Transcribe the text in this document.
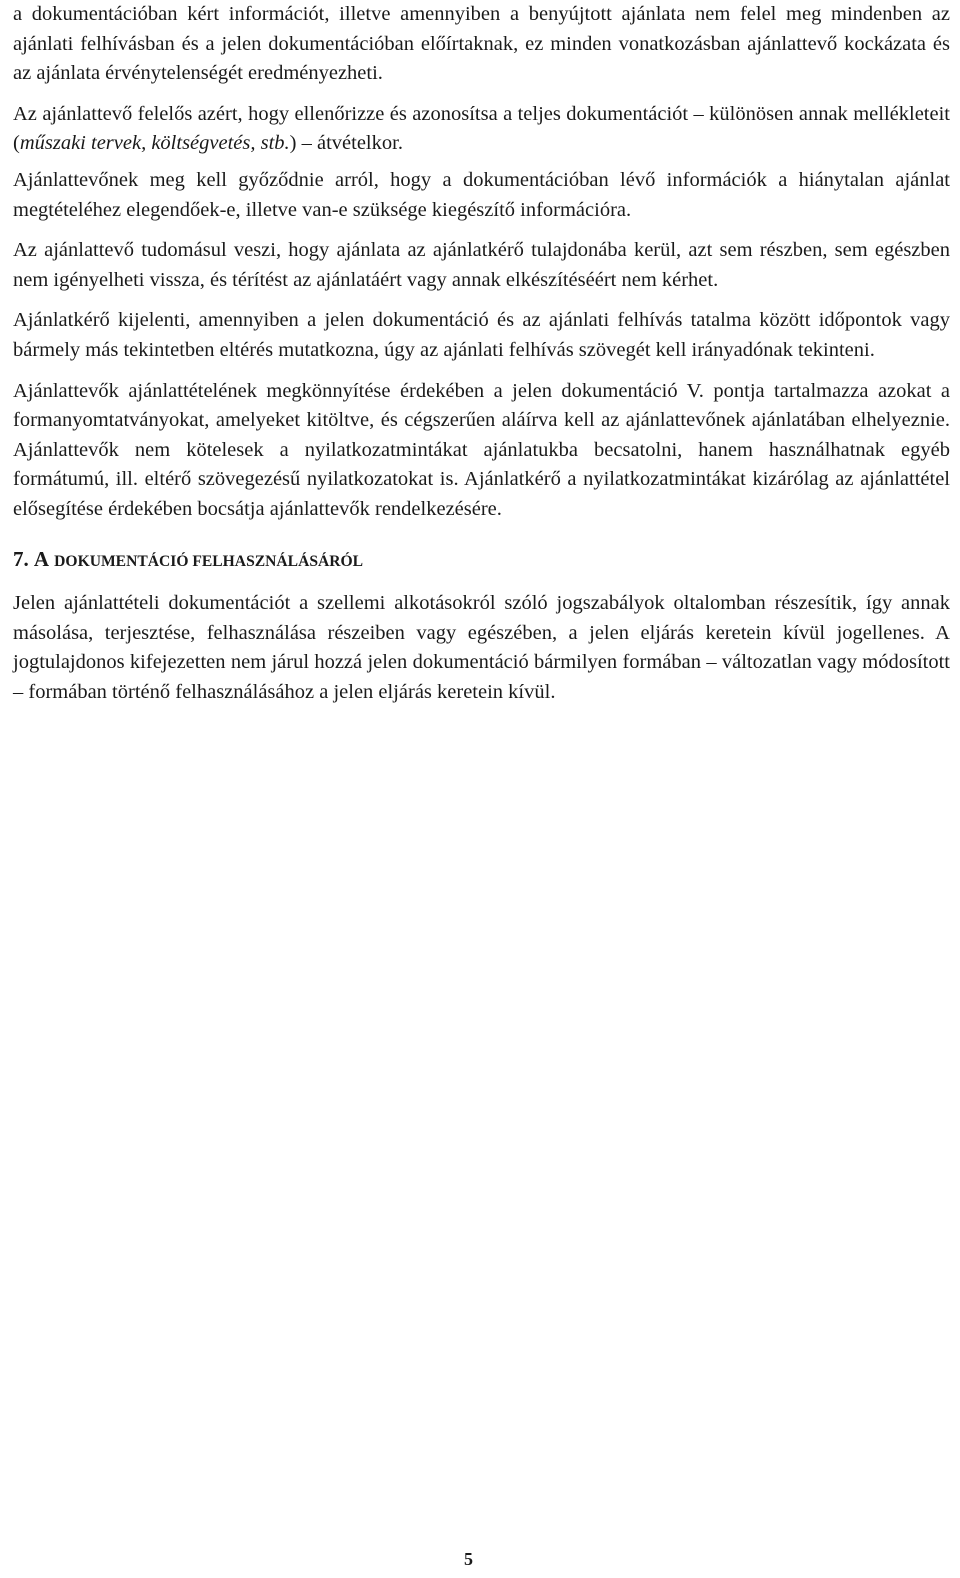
a dokumentációban kért információt, illetve amennyiben a benyújtott ajánlata nem felel meg mindenben az ajánlati felhívásban és a jelen dokumentációban előírtaknak, ez minden vonatkozásban ajánlattevő kockázata és az ajánlata érvénytelenségét eredményezheti.

Az ajánlattevő felelős azért, hogy ellenőrizze és azonosítsa a teljes dokumentációt – különösen annak mellékleteit (műszaki tervek, költségvetés, stb.) – átvételkor.

Ajánlattevőnek meg kell győződnie arról, hogy a dokumentációban lévő információk a hiánytalan ajánlat megtételéhez elegendőek-e, illetve van-e szüksége kiegészítő információra.

Az ajánlattevő tudomásul veszi, hogy ajánlata az ajánlatkérő tulajdonába kerül, azt sem részben, sem egészben nem igényelheti vissza, és térítést az ajánlatáért vagy annak elkészítéséért nem kérhet.

Ajánlatkérő kijelenti, amennyiben a jelen dokumentáció és az ajánlati felhívás tatalma között időpontok vagy bármely más tekintetben eltérés mutatkozna, úgy az ajánlati felhívás szövegét kell irányadónak tekinteni.

Ajánlattevők ajánlattételének megkönnyítése érdekében a jelen dokumentáció V. pontja tartalmazza azokat a formanyomtatványokat, amelyeket kitöltve, és cégszerűen aláírva kell az ajánlattevőnek ajánlatában elhelyeznie. Ajánlattevők nem kötelesek a nyilatkozatmintákat ajánlatukba becsatolni, hanem használhatnak egyéb formátumú, ill. eltérő szövegezésű nyilatkozatokat is. Ajánlatkérő a nyilatkozatmintákat kizárólag az ajánlattétel elősegítése érdekében bocsátja ajánlattevők rendelkezésére.

7. A DOKUMENTÁCIÓ FELHASZNÁLÁSÁRÓL

Jelen ajánlattételi dokumentációt a szellemi alkotásokról szóló jogszabályok oltalomban részesítik, így annak másolása, terjesztése, felhasználása részeiben vagy egészében, a jelen eljárás keretein kívül jogellenes. A jogtulajdonos kifejezetten nem járul hozzá jelen dokumentáció bármilyen formában – változatlan vagy módosított – formában történő felhasználásához a jelen eljárás keretein kívül.

5
